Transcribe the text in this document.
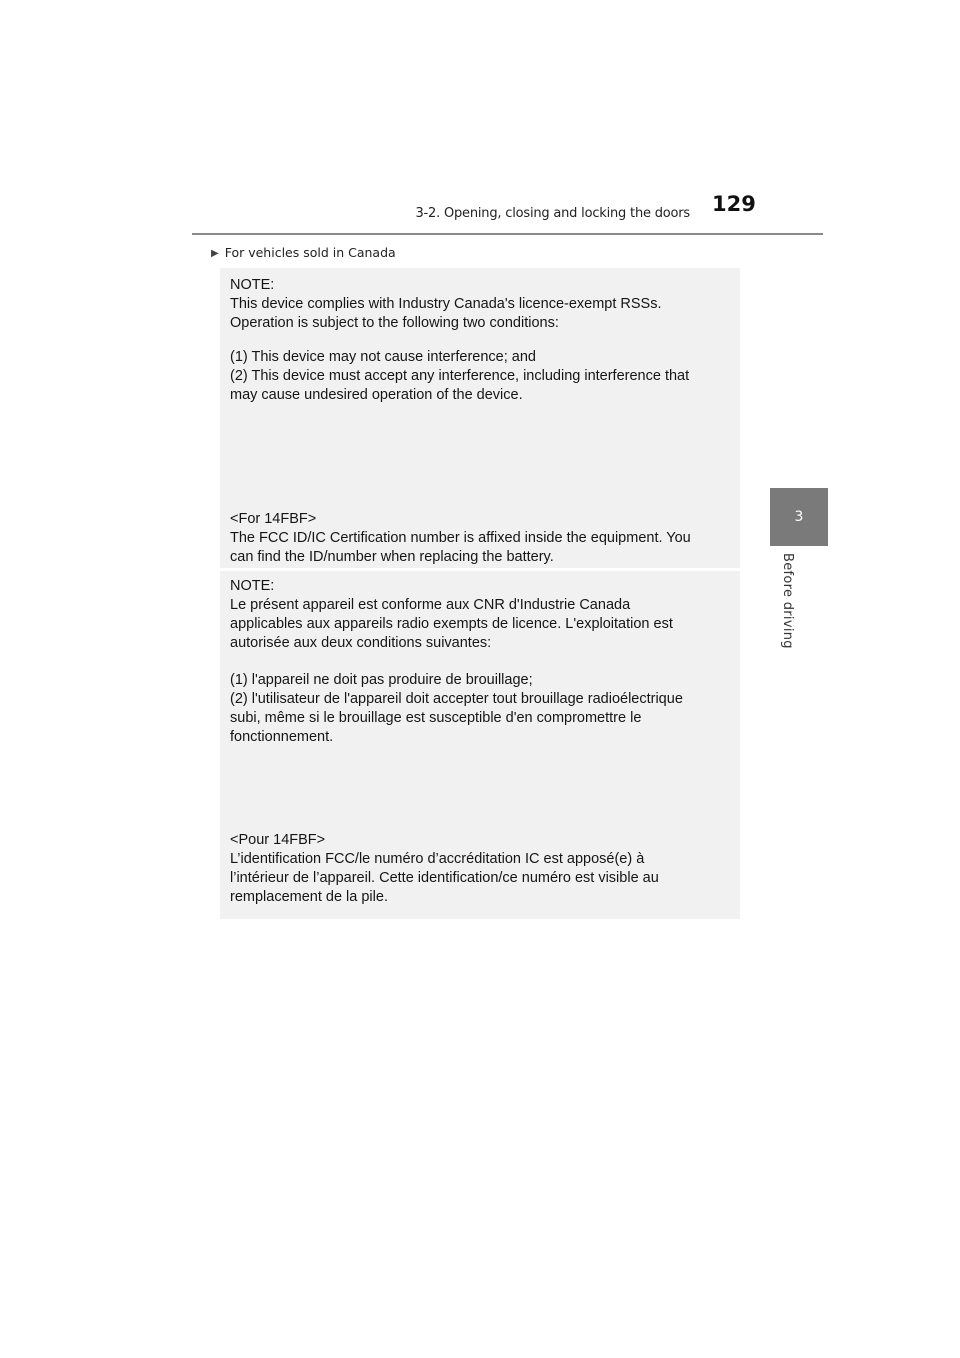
3-2. Opening, closing and locking the doors 129
3
Before driving
▶ For vehicles sold in Canada

NOTE:

This device complies with Industry Canada's licence-exempt RSSs.

Operation is subject to the following two conditions:

(1) This device may not cause interference; and

(2) This device must accept any interference, including interference that

may cause undesired operation of the device.

<For 14FBF>

The FCC ID/IC Certification number is affixed inside the equipment. You

can find the ID/number when replacing the battery.

NOTE:

Le présent appareil est conforme aux CNR d'Industrie Canada

applicables aux appareils radio exempts de licence. L'exploitation est

autorisée aux deux conditions suivantes:

(1) l'appareil ne doit pas produire de brouillage;

(2) l'utilisateur de l'appareil doit accepter tout brouillage radioélectrique

subi, même si le brouillage est susceptible d'en compromettre le

fonctionnement.

<Pour 14FBF>

L’identification FCC/le numéro d’accréditation IC est apposé(e) à

l’intérieur de l’appareil. Cette identification/ce numéro est visible au

remplacement de la pile.
